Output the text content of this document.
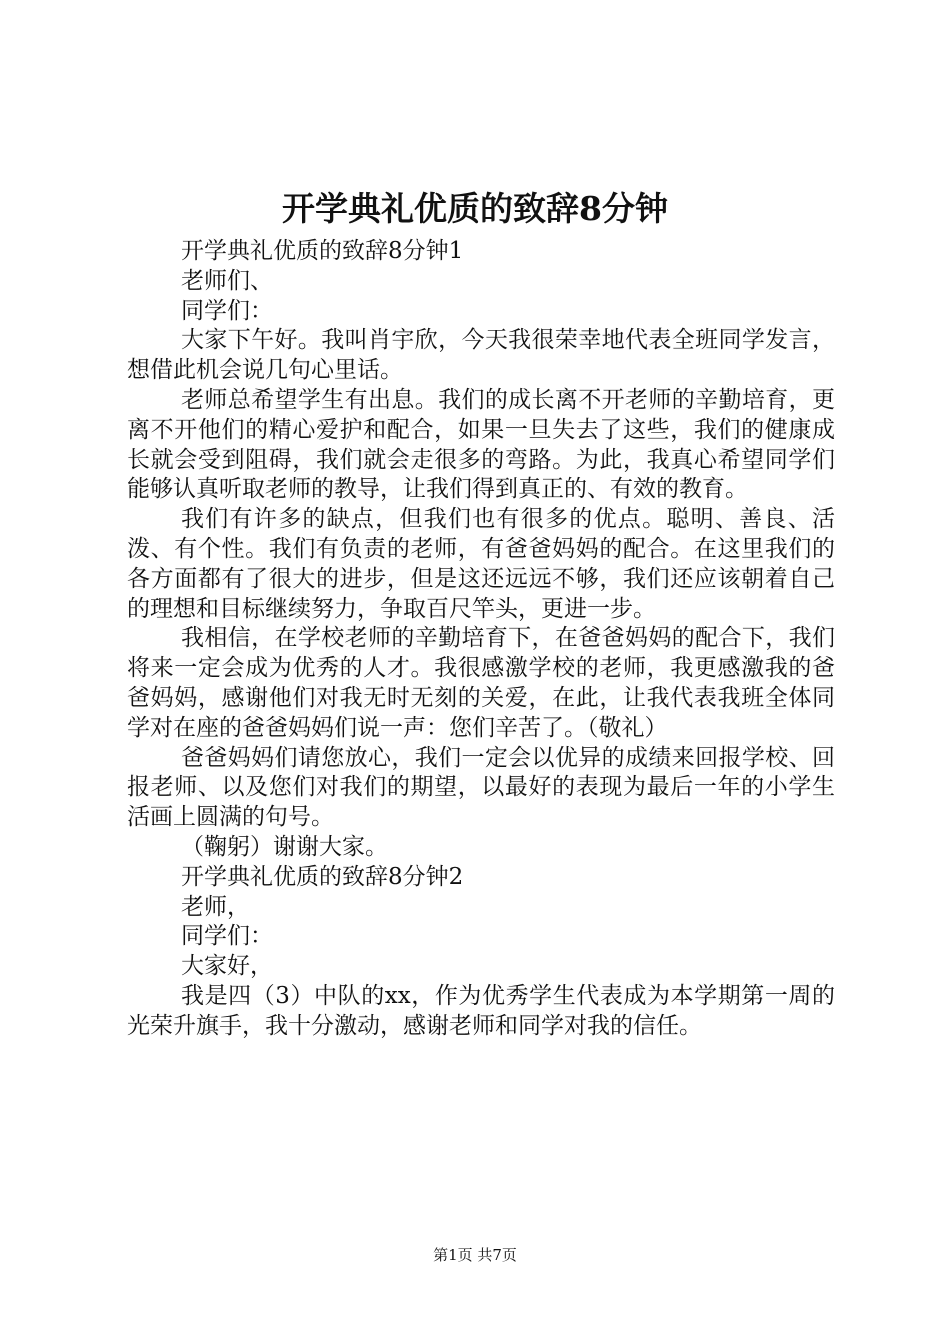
开学典礼优质的致辞8分钟

开学典礼优质的致辞8分钟1

老师们、

同学们：

大家下午好。我叫肖宇欣，今天我很荣幸地代表全班同学发言，想借此机会说几句心里话。

老师总希望学生有出息。我们的成长离不开老师的辛勤培育，更离不开他们的精心爱护和配合，如果一旦失去了这些，我们的健康成长就会受到阻碍，我们就会走很多的弯路。为此，我真心希望同学们能够认真听取老师的教导，让我们得到真正的、有效的教育。

我们有许多的缺点，但我们也有很多的优点。聪明、善良、活泼、有个性。我们有负责的老师，有爸爸妈妈的配合。在这里我们的各方面都有了很大的进步，但是这还远远不够，我们还应该朝着自己的理想和目标继续努力，争取百尺竿头，更进一步。

我相信，在学校老师的辛勤培育下，在爸爸妈妈的配合下，我们将来一定会成为优秀的人才。我很感激学校的老师，我更感激我的爸爸妈妈，感谢他们对我无时无刻的关爱，在此，让我代表我班全体同学对在座的爸爸妈妈们说一声：您们辛苦了。（敬礼）

爸爸妈妈们请您放心，我们一定会以优异的成绩来回报学校、回报老师、以及您们对我们的期望，以最好的表现为最后一年的小学生活画上圆满的句号。

（鞠躬）谢谢大家。

开学典礼优质的致辞8分钟2

老师，

同学们：

大家好，

我是四（3）中队的xx，作为优秀学生代表成为本学期第一周的光荣升旗手，我十分激动，感谢老师和同学对我的信任。

第1页 共7页
